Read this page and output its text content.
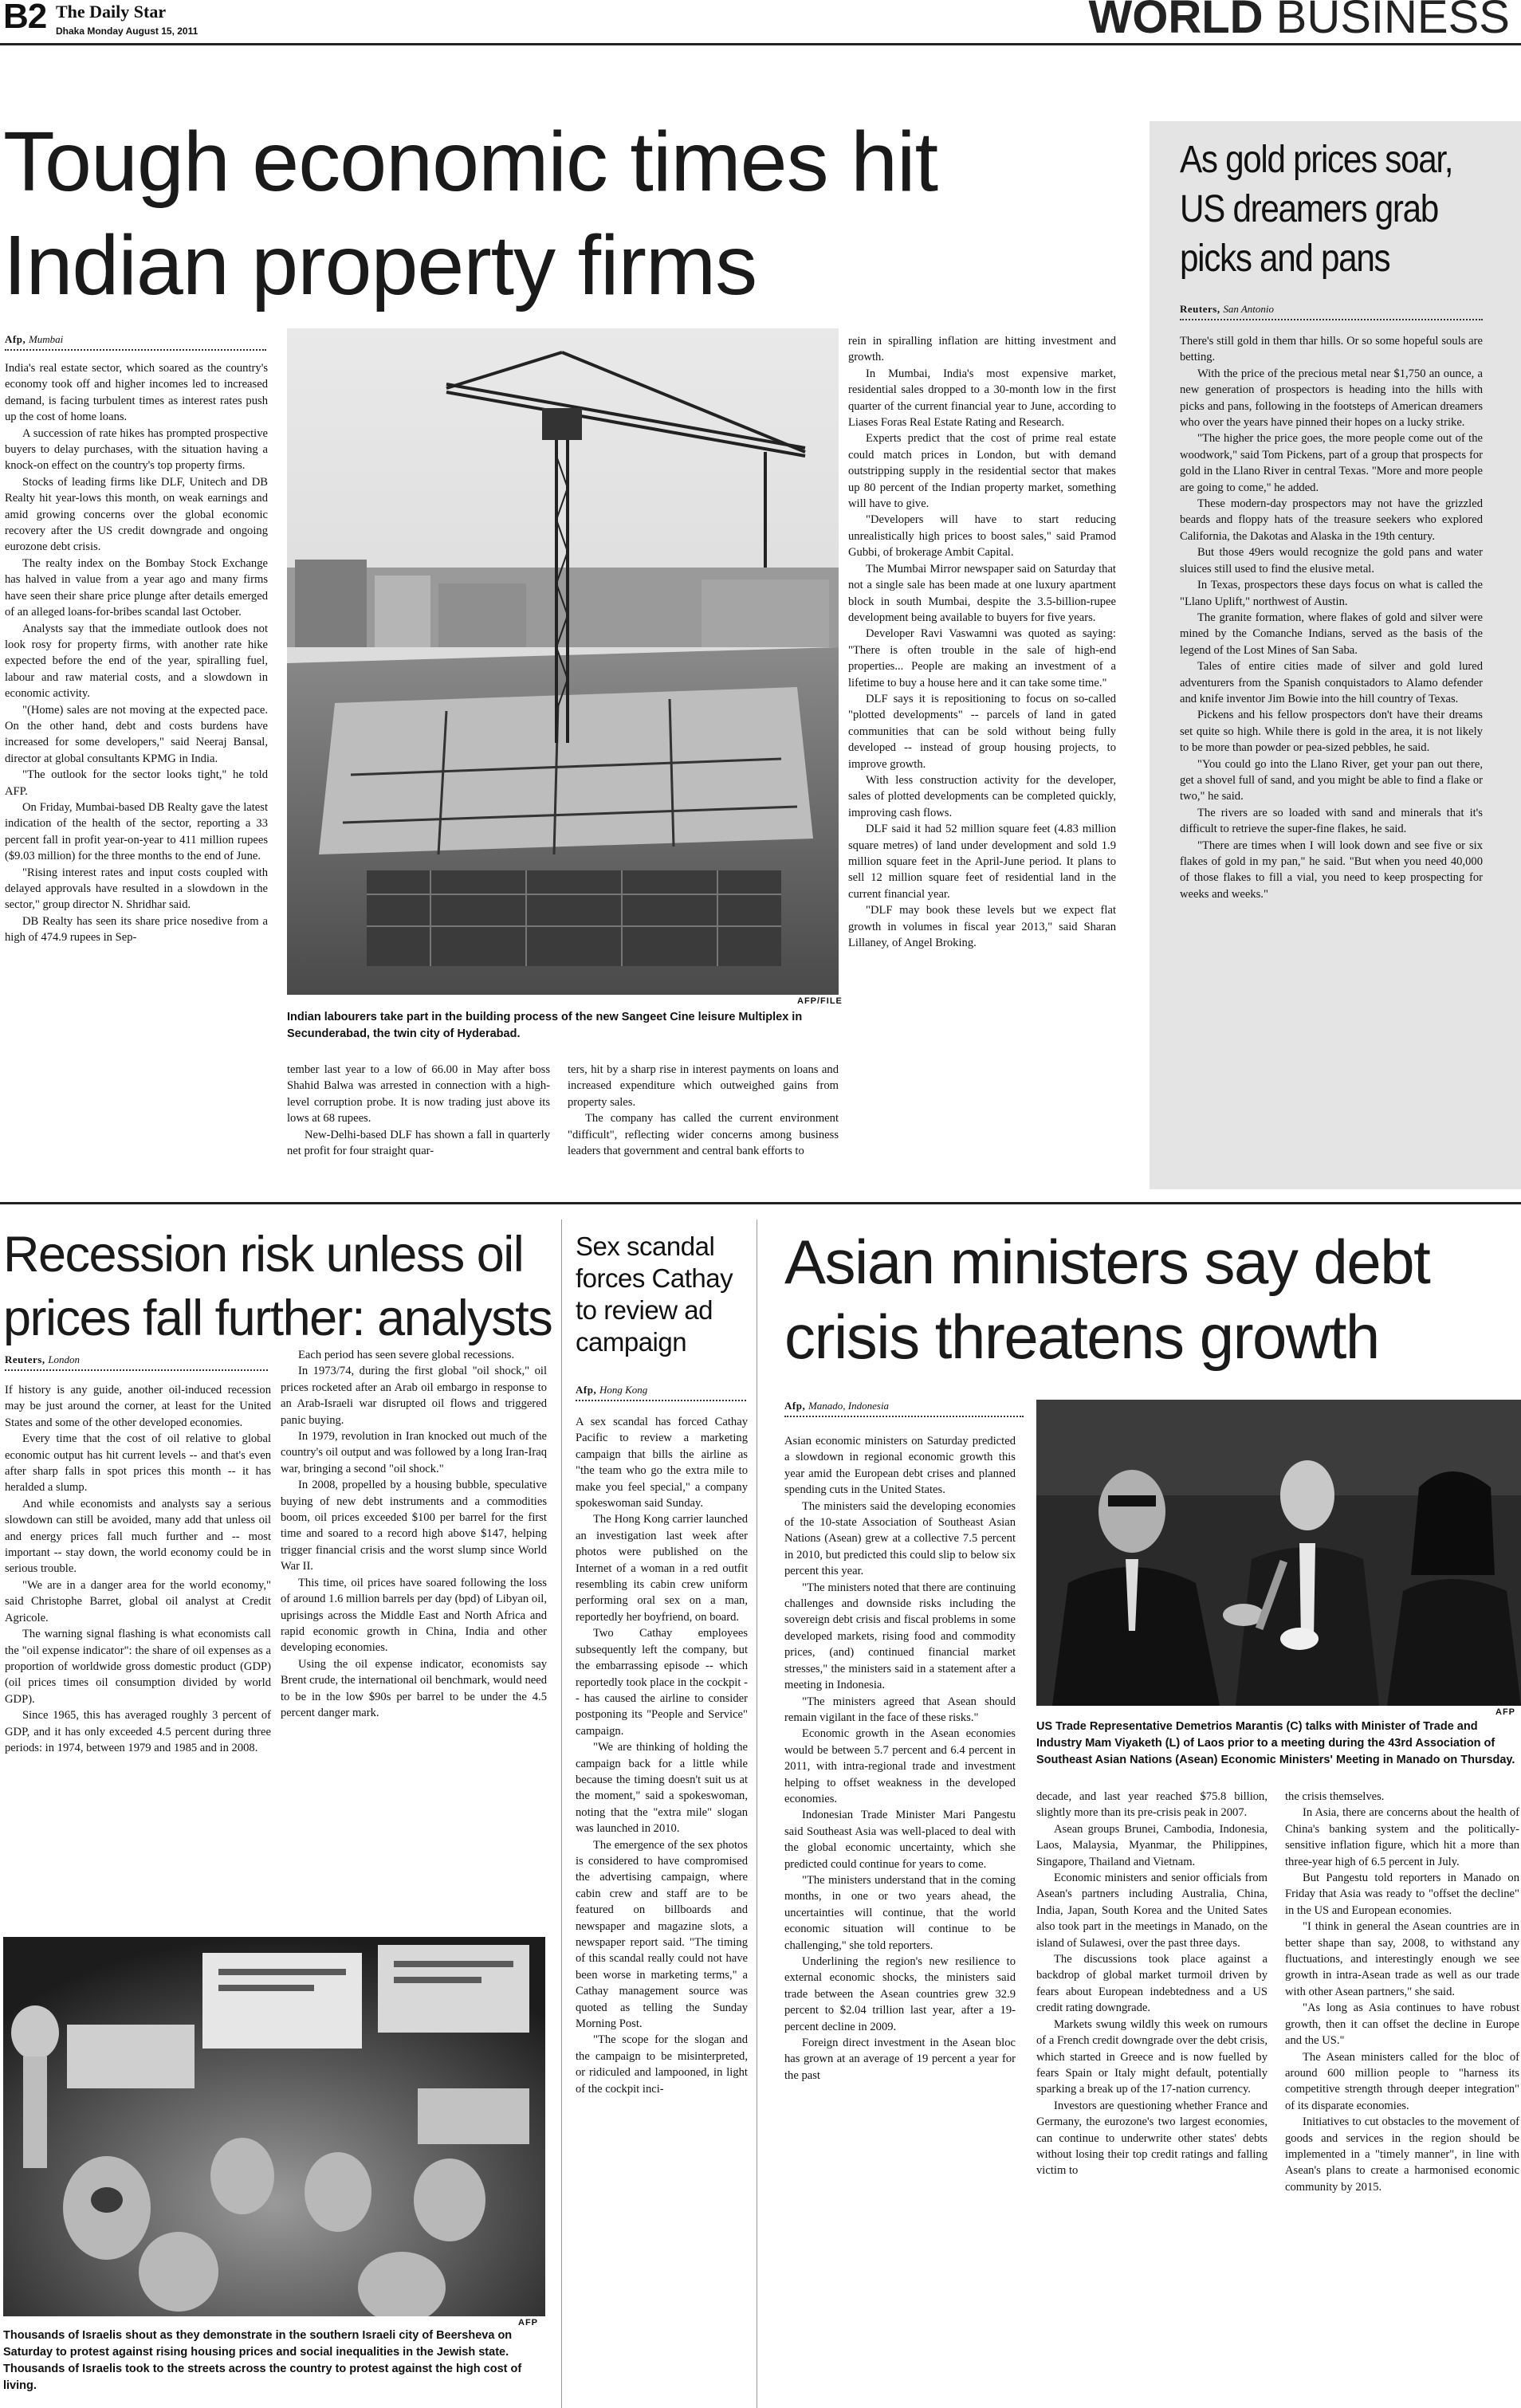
B2 The Daily Star
Dhaka Monday August 15, 2011	WORLD BUSINESS
Tough economic times hit
Indian property firms
Afp, Mumbai

India's real estate sector, which soared as the country's economy took off and higher incomes led to increased demand, is facing turbulent times as interest rates push up the cost of home loans.

A succession of rate hikes has prompted prospective buyers to delay purchases, with the situation having a knock-on effect on the country's top property firms.

Stocks of leading firms like DLF, Unitech and DB Realty hit year-lows this month, on weak earnings and amid growing concerns over the global economic recovery after the US credit downgrade and ongoing eurozone debt crisis.

The realty index on the Bombay Stock Exchange has halved in value from a year ago and many firms have seen their share price plunge after details emerged of an alleged loans-for-bribes scandal last October.

Analysts say that the immediate outlook does not look rosy for property firms, with another rate hike expected before the end of the year, spiralling fuel, labour and raw material costs, and a slowdown in economic activity.

"(Home) sales are not moving at the expected pace. On the other hand, debt and costs burdens have increased for some developers," said Neeraj Bansal, director at global consultants KPMG in India.

"The outlook for the sector looks tight," he told AFP.

On Friday, Mumbai-based DB Realty gave the latest indication of the health of the sector, reporting a 33 percent fall in profit year-on-year to 411 million rupees ($9.03 million) for the three months to the end of June.

"Rising interest rates and input costs coupled with delayed approvals have resulted in a slowdown in the sector," group director N. Shridhar said.

DB Realty has seen its share price nosedive from a high of 474.9 rupees in Sep-

AFP/FILE
Indian labourers take part in the building process of the new Sangeet Cine leisure Multiplex in Secunderabad, the twin city of Hyderabad.

tember last year to a low of 66.00 in May after boss Shahid Balwa was arrested in connection with a high-level corruption probe. It is now trading just above its lows at 68 rupees.

New-Delhi-based DLF has shown a fall in quarterly net profit for four straight quar-

ters, hit by a sharp rise in interest payments on loans and increased expenditure which outweighed gains from property sales.

The company has called the current environment "difficult", reflecting wider concerns among business leaders that government and central bank efforts to

rein in spiralling inflation are hitting investment and growth.

In Mumbai, India's most expensive market, residential sales dropped to a 30-month low in the first quarter of the current financial year to June, according to Liases Foras Real Estate Rating and Research.

Experts predict that the cost of prime real estate could match prices in London, but with demand outstripping supply in the residential sector that makes up 80 percent of the Indian property market, something will have to give.

"Developers will have to start reducing unrealistically high prices to boost sales," said Pramod Gubbi, of brokerage Ambit Capital.

The Mumbai Mirror newspaper said on Saturday that not a single sale has been made at one luxury apartment block in south Mumbai, despite the 3.5-billion-rupee development being available to buyers for five years.

Developer Ravi Vaswamni was quoted as saying: "There is often trouble in the sale of high-end properties... People are making an investment of a lifetime to buy a house here and it can take some time."

DLF says it is repositioning to focus on so-called "plotted developments" -- parcels of land in gated communities that can be sold without being fully developed -- instead of group housing projects, to improve growth.

With less construction activity for the developer, sales of plotted developments can be completed quickly, improving cash flows.

DLF said it had 52 million square feet (4.83 million square metres) of land under development and sold 1.9 million square feet in the April-June period. It plans to sell 12 million square feet of residential land in the current financial year.

"DLF may book these levels but we expect flat growth in volumes in fiscal year 2013," said Sharan Lillaney, of Angel Broking.

As gold prices soar,
US dreamers grab
picks and pans
Reuters, San Antonio

There's still gold in them thar hills. Or so some hopeful souls are betting.

With the price of the precious metal near $1,750 an ounce, a new generation of prospectors is heading into the hills with picks and pans, following in the footsteps of American dreamers who over the years have pinned their hopes on a lucky strike.

"The higher the price goes, the more people come out of the woodwork," said Tom Pickens, part of a group that prospects for gold in the Llano River in central Texas. "More and more people are going to come," he added.

These modern-day prospectors may not have the grizzled beards and floppy hats of the treasure seekers who explored California, the Dakotas and Alaska in the 19th century.

But those 49ers would recognize the gold pans and water sluices still used to find the elusive metal.

In Texas, prospectors these days focus on what is called the "Llano Uplift," northwest of Austin.

The granite formation, where flakes of gold and silver were mined by the Comanche Indians, served as the basis of the legend of the Lost Mines of San Saba.

Tales of entire cities made of silver and gold lured adventurers from the Spanish conquistadors to Alamo defender and knife inventor Jim Bowie into the hill country of Texas.

Pickens and his fellow prospectors don't have their dreams set quite so high. While there is gold in the area, it is not likely to be more than powder or pea-sized pebbles, he said.

"You could go into the Llano River, get your pan out there, get a shovel full of sand, and you might be able to find a flake or two," he said.

The rivers are so loaded with sand and minerals that it's difficult to retrieve the super-fine flakes, he said.

"There are times when I will look down and see five or six flakes of gold in my pan," he said. "But when you need 40,000 of those flakes to fill a vial, you need to keep prospecting for weeks and weeks."

Recession risk unless oil
prices fall further: analysts
Reuters, London

If history is any guide, another oil-induced recession may be just around the corner, at least for the United States and some of the other developed economies.

Every time that the cost of oil relative to global economic output has hit current levels -- and that's even after sharp falls in spot prices this month -- it has heralded a slump.

And while economists and analysts say a serious slowdown can still be avoided, many add that unless oil and energy prices fall much further and -- most important -- stay down, the world economy could be in serious trouble.

"We are in a danger area for the world economy," said Christophe Barret, global oil analyst at Credit Agricole.

The warning signal flashing is what economists call the "oil expense indicator": the share of oil expenses as a proportion of worldwide gross domestic product (GDP) (oil prices times oil consumption divided by world GDP).

Since 1965, this has averaged roughly 3 percent of GDP, and it has only exceeded 4.5 percent during three periods: in 1974, between 1979 and 1985 and in 2008.

Each period has seen severe global recessions.

In 1973/74, during the first global "oil shock," oil prices rocketed after an Arab oil embargo in response to an Arab-Israeli war disrupted oil flows and triggered panic buying.

In 1979, revolution in Iran knocked out much of the country's oil output and was followed by a long Iran-Iraq war, bringing a second "oil shock."

In 2008, propelled by a housing bubble, speculative buying of new debt instruments and a commodities boom, oil prices exceeded $100 per barrel for the first time and soared to a record high above $147, helping trigger financial crisis and the worst slump since World War II.

This time, oil prices have soared following the loss of around 1.6 million barrels per day (bpd) of Libyan oil, uprisings across the Middle East and North Africa and rapid economic growth in China, India and other developing economies.

Using the oil expense indicator, economists say Brent crude, the international oil benchmark, would need to be in the low $90s per barrel to be under the 4.5 percent danger mark.

AFP
Thousands of Israelis shout as they demonstrate in the southern Israeli city of Beersheva on Saturday to protest against rising housing prices and social inequalities in the Jewish state. Thousands of Israelis took to the streets across the country to protest against the high cost of living.
Sex scandal
forces Cathay
to review ad
campaign
Afp, Hong Kong

A sex scandal has forced Cathay Pacific to review a marketing campaign that bills the airline as "the team who go the extra mile to make you feel special," a company spokeswoman said Sunday.

The Hong Kong carrier launched an investigation last week after photos were published on the Internet of a woman in a red outfit resembling its cabin crew uniform performing oral sex on a man, reportedly her boyfriend, on board.

Two Cathay employees subsequently left the company, but the embarrassing episode -- which reportedly took place in the cockpit -- has caused the airline to consider postponing its "People and Service" campaign.

"We are thinking of holding the campaign back for a little while because the timing doesn't suit us at the moment," said a spokeswoman, noting that the "extra mile" slogan was launched in 2010.

The emergence of the sex photos is considered to have compromised the advertising campaign, where cabin crew and staff are to be featured on billboards and newspaper and magazine slots, a newspaper report said. "The timing of this scandal really could not have been worse in marketing terms," a Cathay management source was quoted as telling the Sunday Morning Post.

"The scope for the slogan and the campaign to be misinterpreted, or ridiculed and lampooned, in light of the cockpit inci-

Asian ministers say debt
crisis threatens growth
Afp, Manado, Indonesia

Asian economic ministers on Saturday predicted a slowdown in regional economic growth this year amid the European debt crises and planned spending cuts in the United States.

The ministers said the developing economies of the 10-state Association of Southeast Asian Nations (Asean) grew at a collective 7.5 percent in 2010, but predicted this could slip to below six percent this year.

"The ministers noted that there are continuing challenges and downside risks including the sovereign debt crisis and fiscal problems in some developed markets, rising food and commodity prices, (and) continued financial market stresses," the ministers said in a statement after a meeting in Indonesia.

"The ministers agreed that Asean should remain vigilant in the face of these risks."

Economic growth in the Asean economies would be between 5.7 percent and 6.4 percent in 2011, with intra-regional trade and investment helping to offset weakness in the developed economies.

Indonesian Trade Minister Mari Pangestu said Southeast Asia was well-placed to deal with the global economic uncertainty, which she predicted could continue for years to come.

"The ministers understand that in the coming months, in one or two years ahead, the uncertainties will continue, that the world economic situation will continue to be challenging," she told reporters.

Underlining the region's new resilience to external economic shocks, the ministers said trade between the Asean countries grew 32.9 percent to $2.04 trillion last year, after a 19-percent decline in 2009.

Foreign direct investment in the Asean bloc has grown at an average of 19 percent a year for the past

AFP
US Trade Representative Demetrios Marantis (C) talks with Minister of Trade and Industry Mam Viyaketh (L) of Laos prior to a meeting during the 43rd Association of Southeast Asian Nations (Asean) Economic Ministers' Meeting in Manado on Thursday.

decade, and last year reached $75.8 billion, slightly more than its pre-crisis peak in 2007.

Asean groups Brunei, Cambodia, Indonesia, Laos, Malaysia, Myanmar, the Philippines, Singapore, Thailand and Vietnam.

Economic ministers and senior officials from Asean's partners including Australia, China, India, Japan, South Korea and the United Sates also took part in the meetings in Manado, on the island of Sulawesi, over the past three days.

The discussions took place against a backdrop of global market turmoil driven by fears about European indebtedness and a US credit rating downgrade.

Markets swung wildly this week on rumours of a French credit downgrade over the debt crisis, which started in Greece and is now fuelled by fears Spain or Italy might default, potentially sparking a break up of the 17-nation currency.

Investors are questioning whether France and Germany, the eurozone's two largest economies, can continue to underwrite other states' debts without losing their top credit ratings and falling victim to

the crisis themselves.

In Asia, there are concerns about the health of China's banking system and the politically-sensitive inflation figure, which hit a more than three-year high of 6.5 percent in July.

But Pangestu told reporters in Manado on Friday that Asia was ready to "offset the decline" in the US and European economies.

"I think in general the Asean countries are in better shape than say, 2008, to withstand any fluctuations, and interestingly enough we see growth in intra-Asean trade as well as our trade with other Asean partners," she said.

"As long as Asia continues to have robust growth, then it can offset the decline in Europe and the US."

The Asean ministers called for the bloc of around 600 million people to "harness its competitive strength through deeper integration" of its disparate economies.

Initiatives to cut obstacles to the movement of goods and services in the region should be implemented in a "timely manner", in line with Asean's plans to create a harmonised economic community by 2015.
